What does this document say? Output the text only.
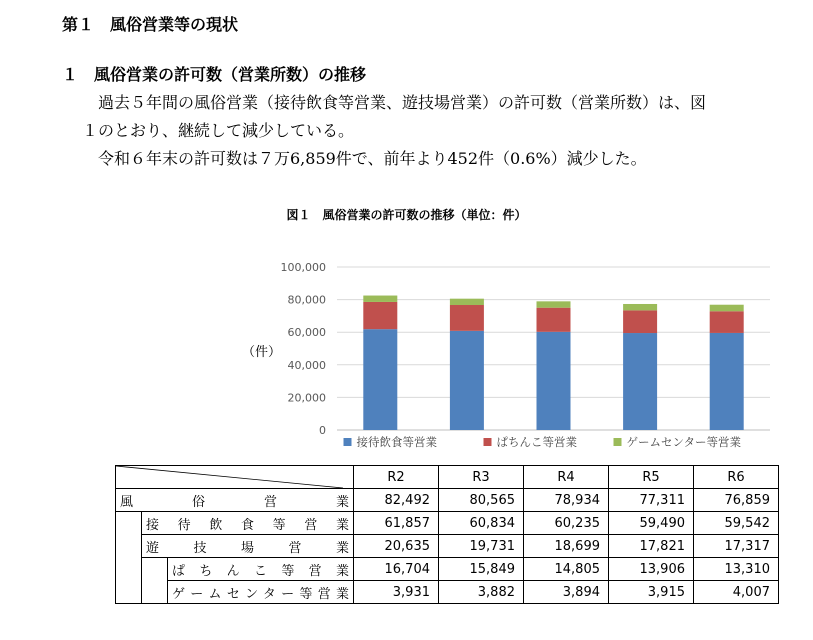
第１　風俗営業等の現状
１　風俗営業の許可数（営業所数）の推移
過去５年間の風俗営業（接待飲食等営業、遊技場営業）の許可数（営業所数）は、図
１のとおり、継続して減少している。
令和６年末の許可数は７万6,859件で、前年より452件（0.6%）減少した。
図１　風俗営業の許可数の推移（単位：件）
（件）
0
20,000
40,000
60,000
80,000
100,000
接待飲食等営業	ぱちんこ等営業	ゲームセンター等営業
	R2	R3	R4	R5	R6
風俗営業			82,492	80,565	78,934	77,311	76,859
	接待飲食等営業		61,857	60,834	60,235	59,490	59,542
	遊技場営業		20,635	19,731	18,699	17,821	17,317
		ぱちんこ等営業	16,704	15,849	14,805	13,906	13,310
		ゲームセンター等営業	3,931	3,882	3,894	3,915	4,007
